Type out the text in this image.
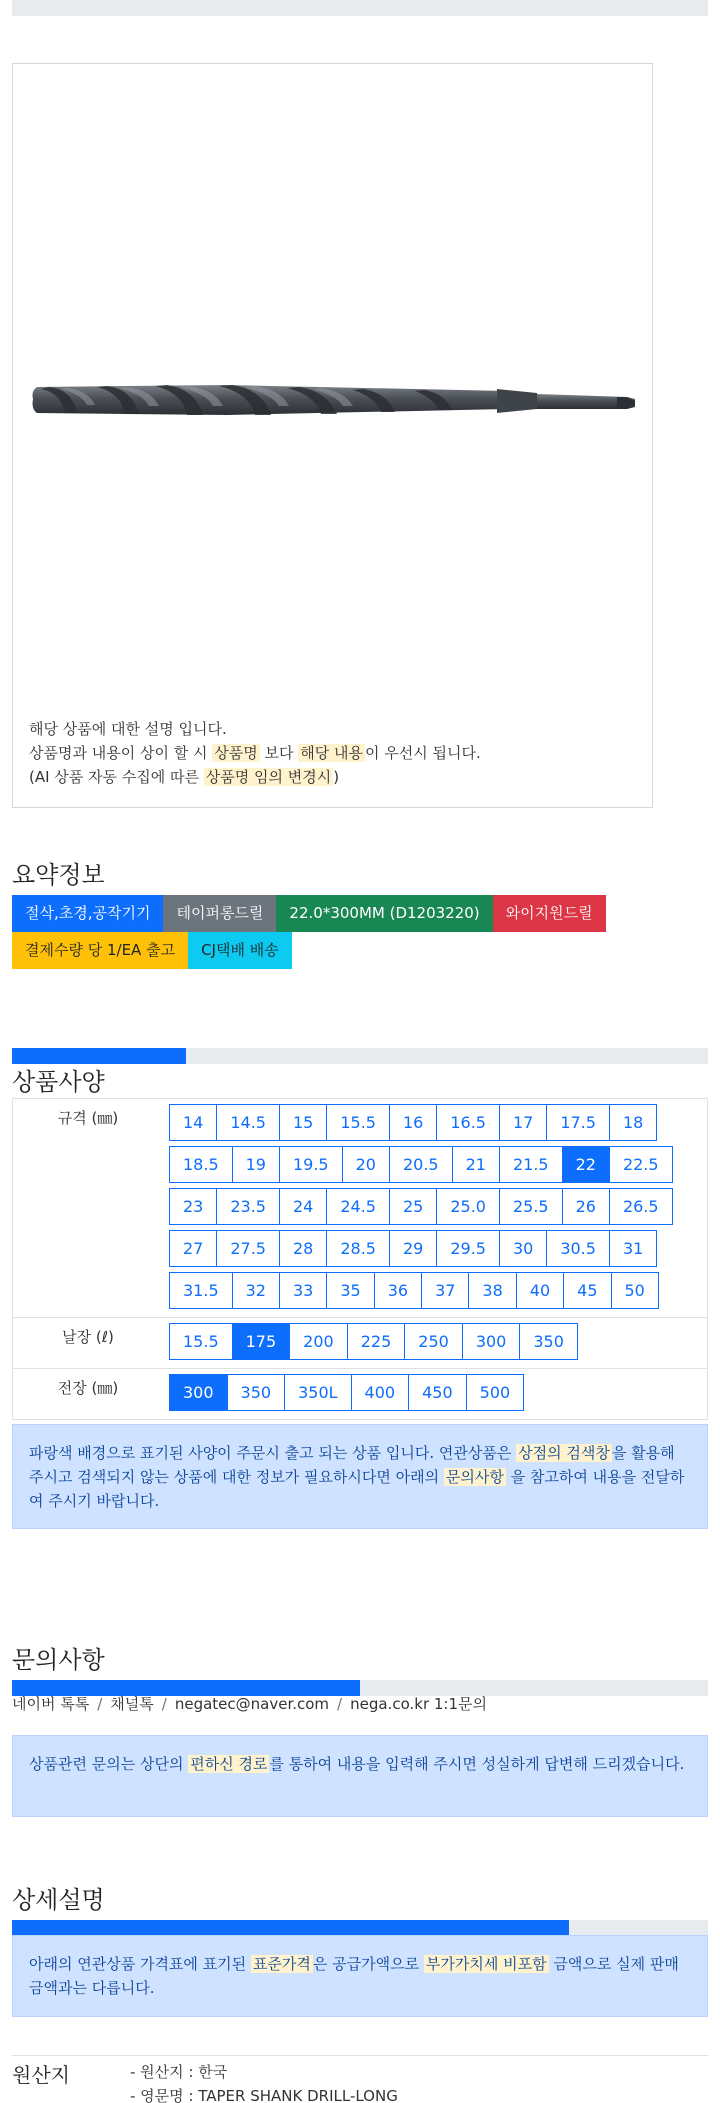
해당 상품에 대한 설명 입니다.
상품명과 내용이 상이 할 시 상품명 보다 해당 내용 이 우선시 됩니다.
(AI 상품 자동 수집에 따른 상품명 임의 변경시 )
요약정보
절삭,초경,공작기기	테이퍼롱드릴	22.0*300MM (D1203220)	와이지원드릴
결제수량 당 1/EA 출고	CJ택배 배송
상품사양
규격 (㎜)	14	14.5	15	15.5	16	16.5	17	17.5	18
18.5	19	19.5	20	20.5	21	21.5	22	22.5
23	23.5	24	24.5	25	25.0	25.5	26	26.5
27	27.5	28	28.5	29	29.5	30	30.5	31
31.5	32	33	35	36	37	38	40	45	50
날장 (ℓ)	15.5	175	200	225	250	300	350
전장 (㎜)	300	350	350L	400	450	500
파랑색 배경으로 표기된 사양이 주문시 출고 되는 상품 입니다. 연관상품은 상점의 검색창 을 활용해 주시고 검색되지 않는 상품에 대한 정보가 필요하시다면 아래의 문의사항 을 참고하여 내용을 전달하여 주시기 바랍니다.
문의사항
네이버 톡톡 / 채널톡 / negatec@naver.com / nega.co.kr 1:1문의
상품관련 문의는 상단의 편하신 경로 를 통하여 내용을 입력해 주시면 성실하게 답변해 드리겠습니다.
상세설명
아래의 연관상품 가격표에 표기된 표준가격 은 공급가액으로 부가가치세 비포함 금액으로 실제 판매금액과는 다릅니다.
원산지	- 원산지 : 한국
- 영문명 : TAPER SHANK DRILL-LONG
